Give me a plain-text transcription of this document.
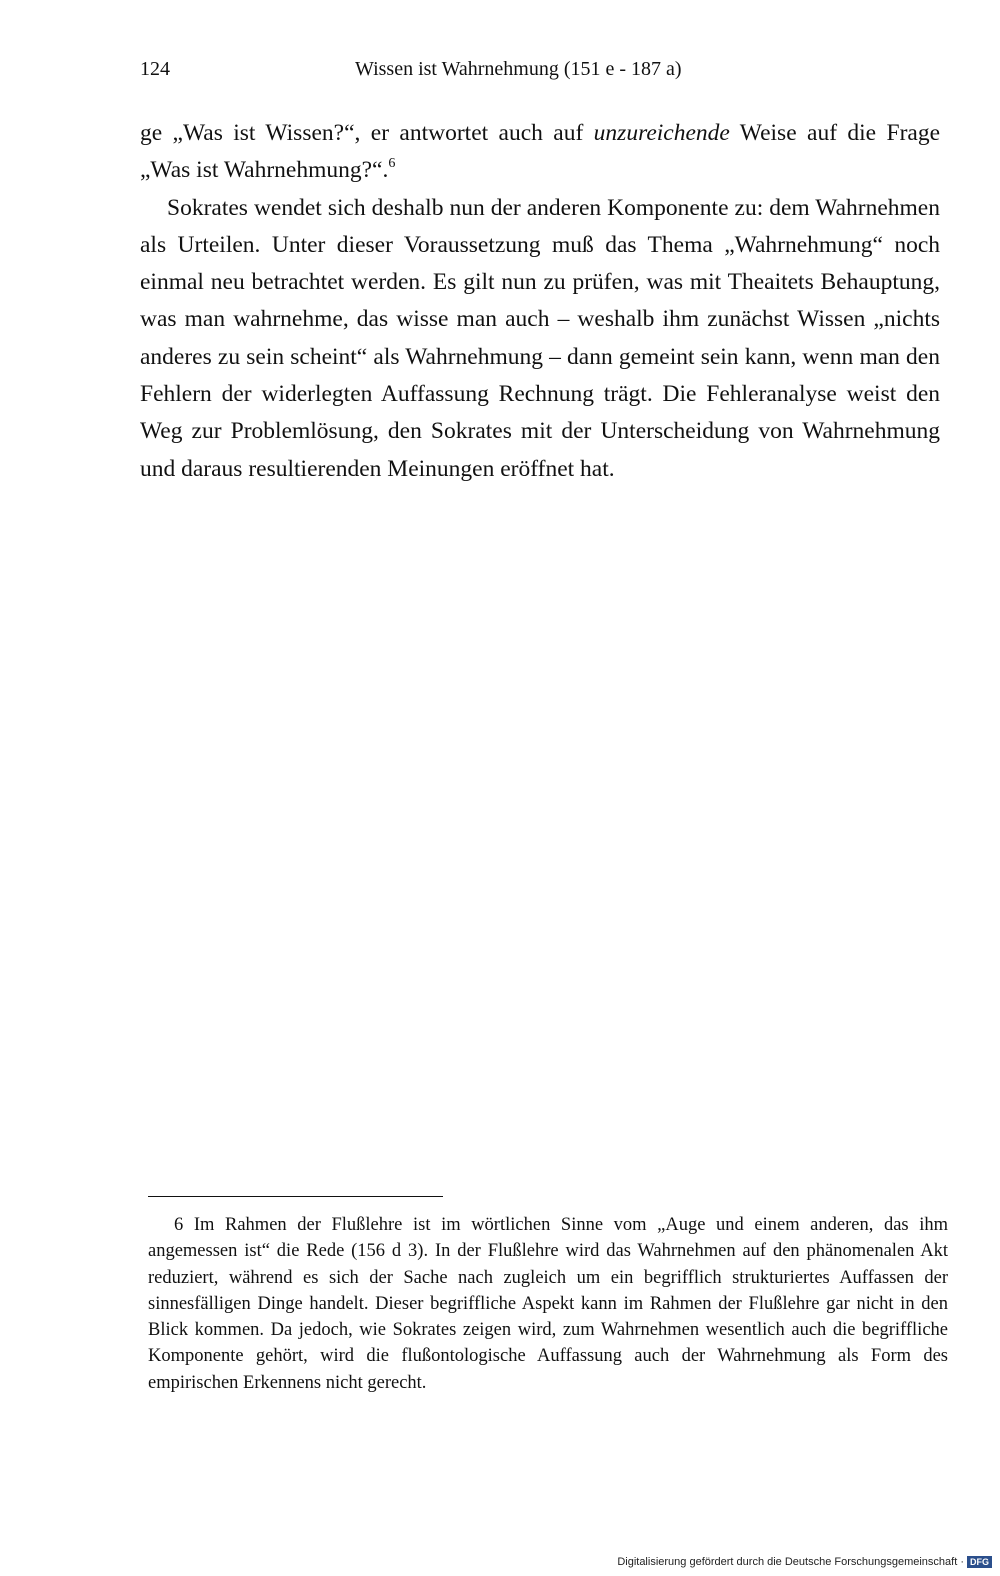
124	Wissen ist Wahrnehmung (151 e - 187 a)

ge „Was ist Wissen?“, er antwortet auch auf unzureichende Weise auf die Frage „Was ist Wahrnehmung?“.$^6$

Sokrates wendet sich deshalb nun der anderen Komponente zu: dem Wahrnehmen als Urteilen. Unter dieser Voraussetzung muß das Thema „Wahrnehmung“ noch einmal neu betrachtet werden. Es gilt nun zu prüfen, was mit Theaitets Behauptung, was man wahrnehme, das wisse man auch – weshalb ihm zunächst Wissen „nichts anderes zu sein scheint“ als Wahrnehmung – dann gemeint sein kann, wenn man den Fehlern der widerlegten Auffassung Rechnung trägt. Die Fehleranalyse weist den Weg zur Problemlösung, den Sokrates mit der Unterscheidung von Wahrnehmung und daraus resultierenden Meinungen eröffnet hat.

6 Im Rahmen der Flußlehre ist im wörtlichen Sinne vom „Auge und einem anderen, das ihm angemessen ist“ die Rede (156 d 3). In der Flußlehre wird das Wahrnehmen auf den phänomenalen Akt reduziert, während es sich der Sache nach zugleich um ein begrifflich strukturiertes Auffassen der sinnesfälligen Dinge handelt. Dieser begriffliche Aspekt kann im Rahmen der Flußlehre gar nicht in den Blick kommen. Da jedoch, wie Sokrates zeigen wird, zum Wahrnehmen wesentlich auch die begriffliche Komponente gehört, wird die flußontologische Auffassung auch der Wahrnehmung als Form des empirischen Erkennens nicht gerecht.

Digitalisierung gefördert durch die Deutsche Forschungsgemeinschaft · DFG
